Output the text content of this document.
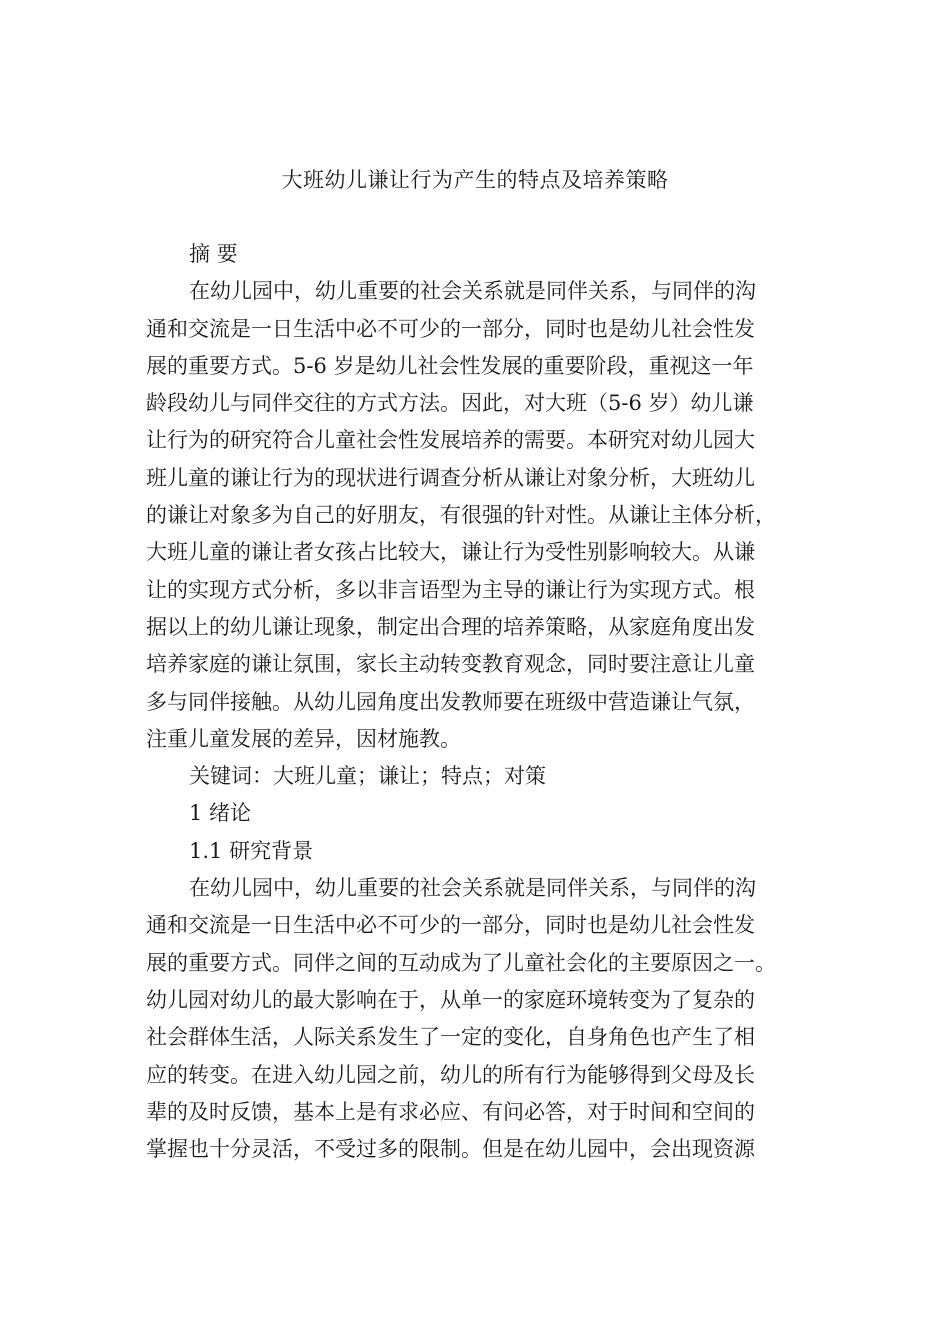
大班幼儿谦让行为产生的特点及培养策略
摘 要
在幼儿园中，幼儿重要的社会关系就是同伴关系，与同伴的沟
通和交流是一日生活中必不可少的一部分，同时也是幼儿社会性发
展的重要方式。5-6 岁是幼儿社会性发展的重要阶段，重视这一年
龄段幼儿与同伴交往的方式方法。因此，对大班（5-6 岁）幼儿谦
让行为的研究符合儿童社会性发展培养的需要。本研究对幼儿园大
班儿童的谦让行为的现状进行调查分析从谦让对象分析，大班幼儿
的谦让对象多为自己的好朋友，有很强的针对性。从谦让主体分析，
大班儿童的谦让者女孩占比较大，谦让行为受性别影响较大。从谦
让的实现方式分析，多以非言语型为主导的谦让行为实现方式。根
据以上的幼儿谦让现象，制定出合理的培养策略，从家庭角度出发
培养家庭的谦让氛围，家长主动转变教育观念，同时要注意让儿童
多与同伴接触。从幼儿园角度出发教师要在班级中营造谦让气氛，
注重儿童发展的差异，因材施教。
关键词：大班儿童；谦让；特点；对策
1 绪论
1.1 研究背景
在幼儿园中，幼儿重要的社会关系就是同伴关系，与同伴的沟
通和交流是一日生活中必不可少的一部分，同时也是幼儿社会性发
展的重要方式。同伴之间的互动成为了儿童社会化的主要原因之一。
幼儿园对幼儿的最大影响在于，从单一的家庭环境转变为了复杂的
社会群体生活，人际关系发生了一定的变化，自身角色也产生了相
应的转变。在进入幼儿园之前，幼儿的所有行为能够得到父母及长
辈的及时反馈，基本上是有求必应、有问必答，对于时间和空间的
掌握也十分灵活，不受过多的限制。但是在幼儿园中，会出现资源
